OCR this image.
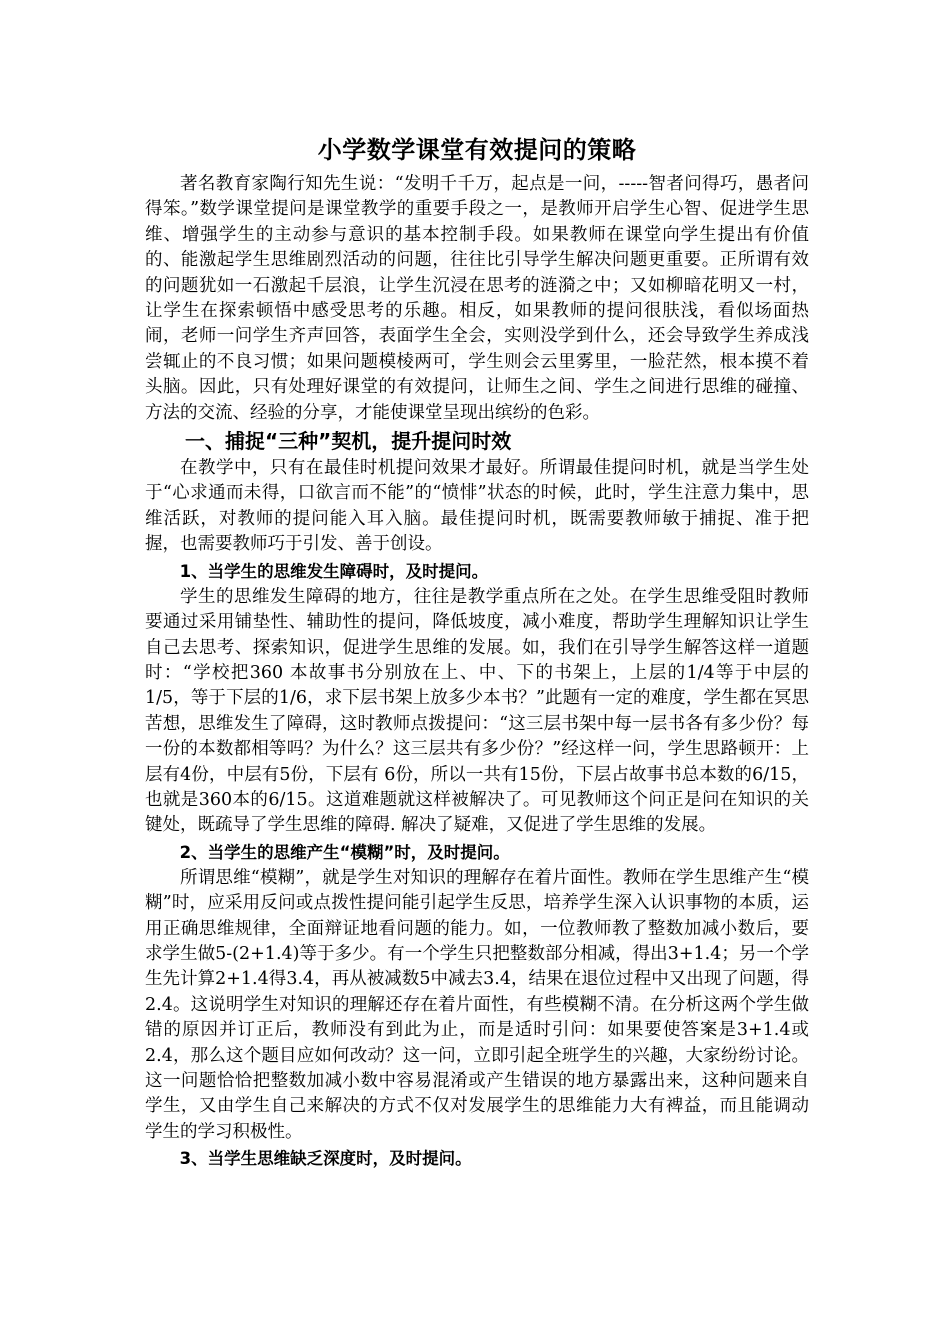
小学数学课堂有效提问的策略

著名教育家陶行知先生说：“发明千千万，起点是一问，-----智者问得巧，愚者问得笨。”数学课堂提问是课堂教学的重要手段之一，是教师开启学生心智、促进学生思维、增强学生的主动参与意识的基本控制手段。如果教师在课堂向学生提出有价值的、能激起学生思维剧烈活动的问题，往往比引导学生解决问题更重要。正所谓有效的问题犹如一石激起千层浪，让学生沉浸在思考的涟漪之中；又如柳暗花明又一村，让学生在探索顿悟中感受思考的乐趣。相反，如果教师的提问很肤浅，看似场面热闹，老师一问学生齐声回答，表面学生全会，实则没学到什么，还会导致学生养成浅尝辄止的不良习惯；如果问题模棱两可，学生则会云里雾里，一脸茫然，根本摸不着头脑。因此，只有处理好课堂的有效提问，让师生之间、学生之间进行思维的碰撞、方法的交流、经验的分享，才能使课堂呈现出缤纷的色彩。

一、捕捉“三种”契机，提升提问时效

在教学中，只有在最佳时机提问效果才最好。所谓最佳提问时机，就是当学生处于“心求通而未得，口欲言而不能”的“愤悱”状态的时候，此时，学生注意力集中，思维活跃，对教师的提问能入耳入脑。最佳提问时机，既需要教师敏于捕捉、准于把握，也需要教师巧于引发、善于创设。

1、当学生的思维发生障碍时，及时提问。

学生的思维发生障碍的地方，往往是教学重点所在之处。在学生思维受阻时教师要通过采用铺垫性、辅助性的提问，降低坡度，减小难度，帮助学生理解知识让学生自己去思考、探索知识，促进学生思维的发展。如，我们在引导学生解答这样一道题时：“学校把360 本故事书分别放在上、中、下的书架上，上层的1/4等于中层的1/5，等于下层的1/6，求下层书架上放多少本书？”此题有一定的难度，学生都在冥思苦想，思维发生了障碍，这时教师点拨提问：“这三层书架中每一层书各有多少份？每一份的本数都相等吗？为什么？这三层共有多少份？”经这样一问，学生思路顿开：上层有4份，中层有5份，下层有 6份，所以一共有15份，下层占故事书总本数的6/15，也就是360本的6/15。这道难题就这样被解决了。可见教师这个问正是问在知识的关键处，既疏导了学生思维的障碍. 解决了疑难，又促进了学生思维的发展。

2、当学生的思维产生“模糊”时，及时提问。

所谓思维“模糊”，就是学生对知识的理解存在着片面性。教师在学生思维产生“模糊”时，应采用反问或点拨性提问能引起学生反思，培养学生深入认识事物的本质，运用正确思维规律，全面辩证地看问题的能力。如，一位教师教了整数加减小数后，要求学生做5-(2+1.4)等于多少。有一个学生只把整数部分相减，得出3+1.4；另一个学生先计算2+1.4得3.4，再从被减数5中减去3.4，结果在退位过程中又出现了问题，得2.4。这说明学生对知识的理解还存在着片面性，有些模糊不清。在分析这两个学生做错的原因并订正后，教师没有到此为止，而是适时引问：如果要使答案是3+1.4或2.4，那么这个题目应如何改动？这一问，立即引起全班学生的兴趣，大家纷纷讨论。这一问题恰恰把整数加减小数中容易混淆或产生错误的地方暴露出来，这种问题来自学生，又由学生自己来解决的方式不仅对发展学生的思维能力大有裨益，而且能调动学生的学习积极性。

3、当学生思维缺乏深度时，及时提问。
